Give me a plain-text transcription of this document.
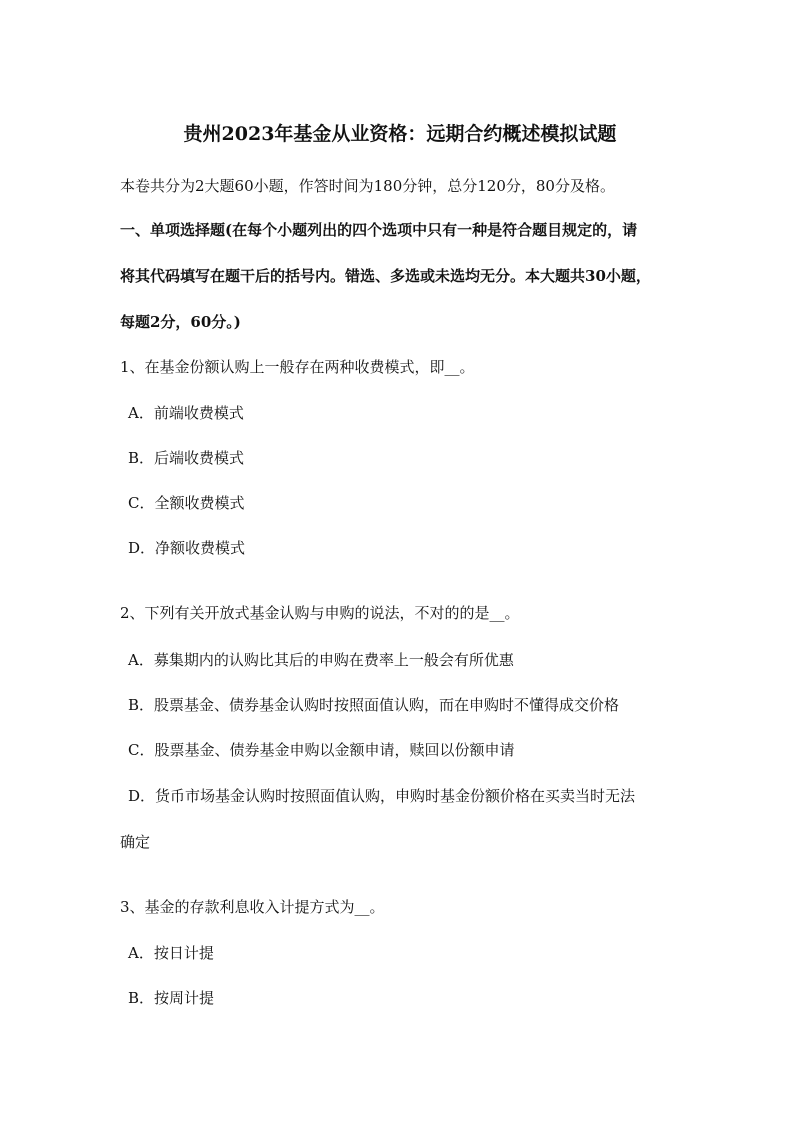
贵州2023年基金从业资格：远期合约概述模拟试题
本卷共分为2大题60小题，作答时间为180分钟，总分120分，80分及格。
一、单项选择题(在每个小题列出的四个选项中只有一种是符合题目规定的，请
将其代码填写在题干后的括号内。错选、多选或未选均无分。本大题共30小题，
每题2分，60分。)
1、在基金份额认购上一般存在两种收费模式，即__。
A．前端收费模式
B．后端收费模式
C．全额收费模式
D．净额收费模式
2、下列有关开放式基金认购与申购的说法，不对的的是__。
A．募集期内的认购比其后的申购在费率上一般会有所优惠
B．股票基金、债券基金认购时按照面值认购，而在申购时不懂得成交价格
C．股票基金、债券基金申购以金额申请，赎回以份额申请
D．货币市场基金认购时按照面值认购，申购时基金份额价格在买卖当时无法
确定
3、基金的存款利息收入计提方式为__。
A．按日计提
B．按周计提
